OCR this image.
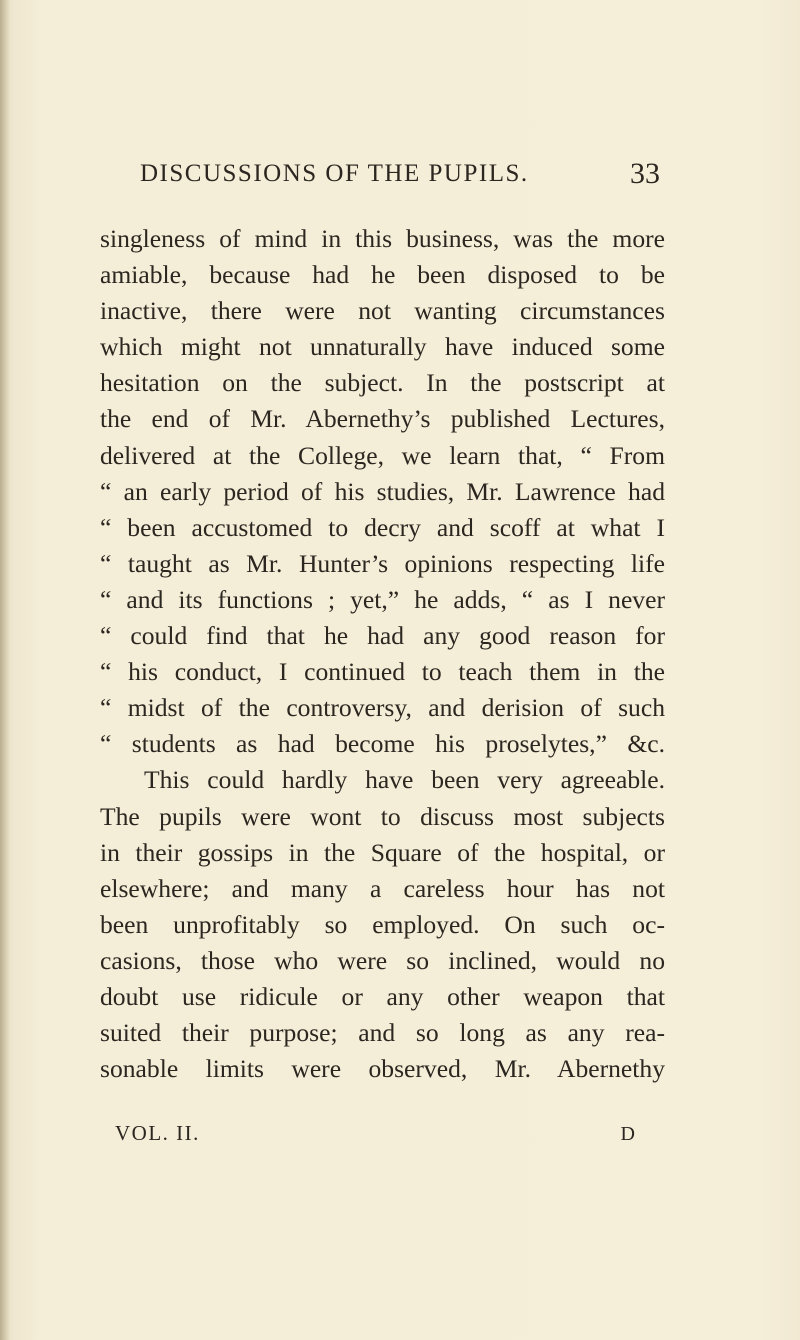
DISCUSSIONS OF THE PUPILS.	33
singleness of mind in this business, was the more
amiable, because had he been disposed to be
inactive, there were not wanting circumstances
which might not unnaturally have induced some
hesitation on the subject. In the postscript at
the end of Mr. Abernethy’s published Lectures,
delivered at the College, we learn that, “ From
“ an early period of his studies, Mr. Lawrence had
“ been accustomed to decry and scoff at what I
“ taught as Mr. Hunter’s opinions respecting life
“ and its functions ; yet,” he adds, “ as I never
“ could find that he had any good reason for
“ his conduct, I continued to teach them in the
“ midst of the controversy, and derision of such
“ students as had become his proselytes,” &c.
This could hardly have been very agreeable.
The pupils were wont to discuss most subjects
in their gossips in the Square of the hospital, or
elsewhere; and many a careless hour has not
been unprofitably so employed. On such oc-
casions, those who were so inclined, would no
doubt use ridicule or any other weapon that
suited their purpose; and so long as any rea-
sonable limits were observed, Mr. Abernethy
VOL. II.	D
